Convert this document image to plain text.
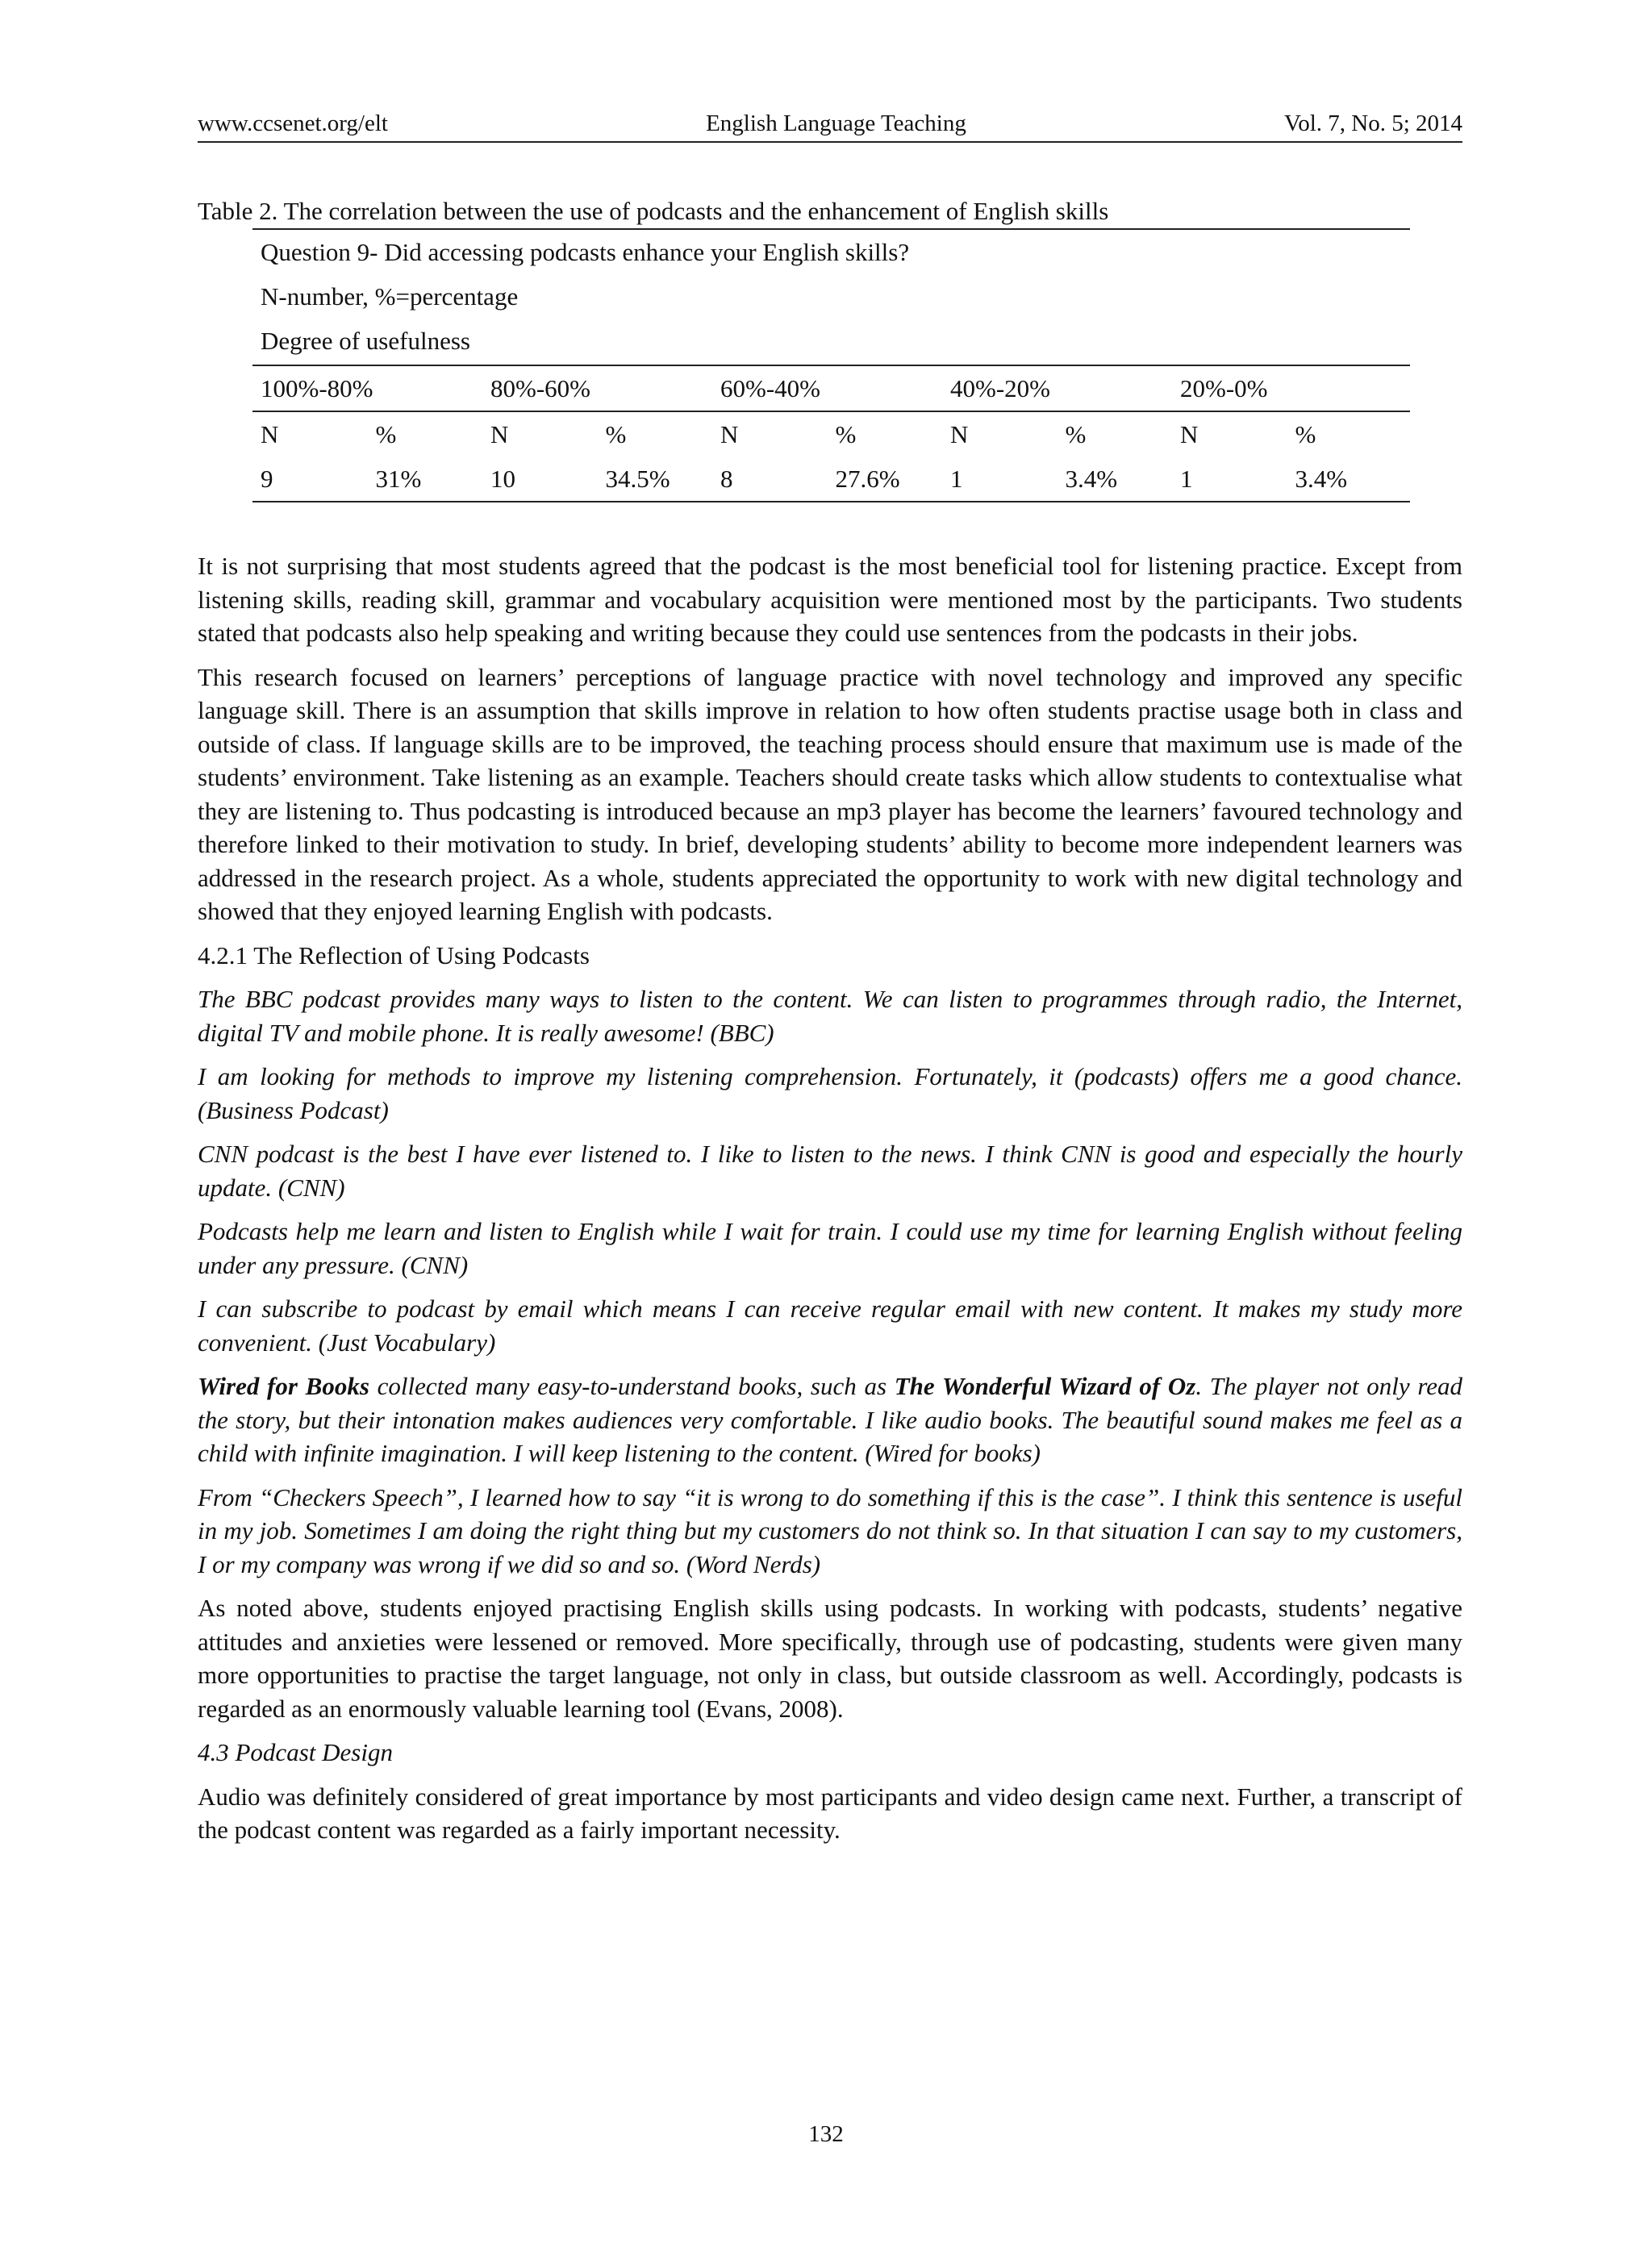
www.ccsenet.org/elt	English Language Teaching	Vol. 7, No. 5; 2014
Table 2. The correlation between the use of podcasts and the enhancement of English skills
Question 9- Did accessing podcasts enhance your English skills?
N-number, %=percentage
Degree of usefulness
100%-80%	80%-60%	60%-40%	40%-20%	20%-0%
N	%	N	%	N	%	N	%	N	%
9	31%	10	34.5%	8	27.6%	1	3.4%	1	3.4%

It is not surprising that most students agreed that the podcast is the most beneficial tool for listening practice. Except from listening skills, reading skill, grammar and vocabulary acquisition were mentioned most by the participants. Two students stated that podcasts also help speaking and writing because they could use sentences from the podcasts in their jobs.

This research focused on learners’ perceptions of language practice with novel technology and improved any specific language skill. There is an assumption that skills improve in relation to how often students practise usage both in class and outside of class. If language skills are to be improved, the teaching process should ensure that maximum use is made of the students’ environment. Take listening as an example. Teachers should create tasks which allow students to contextualise what they are listening to. Thus podcasting is introduced because an mp3 player has become the learners’ favoured technology and therefore linked to their motivation to study. In brief, developing students’ ability to become more independent learners was addressed in the research project. As a whole, students appreciated the opportunity to work with new digital technology and showed that they enjoyed learning English with podcasts.

4.2.1 The Reflection of Using Podcasts

The BBC podcast provides many ways to listen to the content. We can listen to programmes through radio, the Internet, digital TV and mobile phone. It is really awesome! (BBC)

I am looking for methods to improve my listening comprehension. Fortunately, it (podcasts) offers me a good chance. (Business Podcast)

CNN podcast is the best I have ever listened to. I like to listen to the news. I think CNN is good and especially the hourly update. (CNN)

Podcasts help me learn and listen to English while I wait for train. I could use my time for learning English without feeling under any pressure. (CNN)

I can subscribe to podcast by email which means I can receive regular email with new content. It makes my study more convenient. (Just Vocabulary)

Wired for Books collected many easy-to-understand books, such as The Wonderful Wizard of Oz. The player not only read the story, but their intonation makes audiences very comfortable. I like audio books. The beautiful sound makes me feel as a child with infinite imagination. I will keep listening to the content. (Wired for books)

From “Checkers Speech”, I learned how to say “it is wrong to do something if this is the case”. I think this sentence is useful in my job. Sometimes I am doing the right thing but my customers do not think so. In that situation I can say to my customers, I or my company was wrong if we did so and so. (Word Nerds)

As noted above, students enjoyed practising English skills using podcasts. In working with podcasts, students’ negative attitudes and anxieties were lessened or removed. More specifically, through use of podcasting, students were given many more opportunities to practise the target language, not only in class, but outside classroom as well. Accordingly, podcasts is regarded as an enormously valuable learning tool (Evans, 2008).

4.3 Podcast Design

Audio was definitely considered of great importance by most participants and video design came next. Further, a transcript of the podcast content was regarded as a fairly important necessity.

132
